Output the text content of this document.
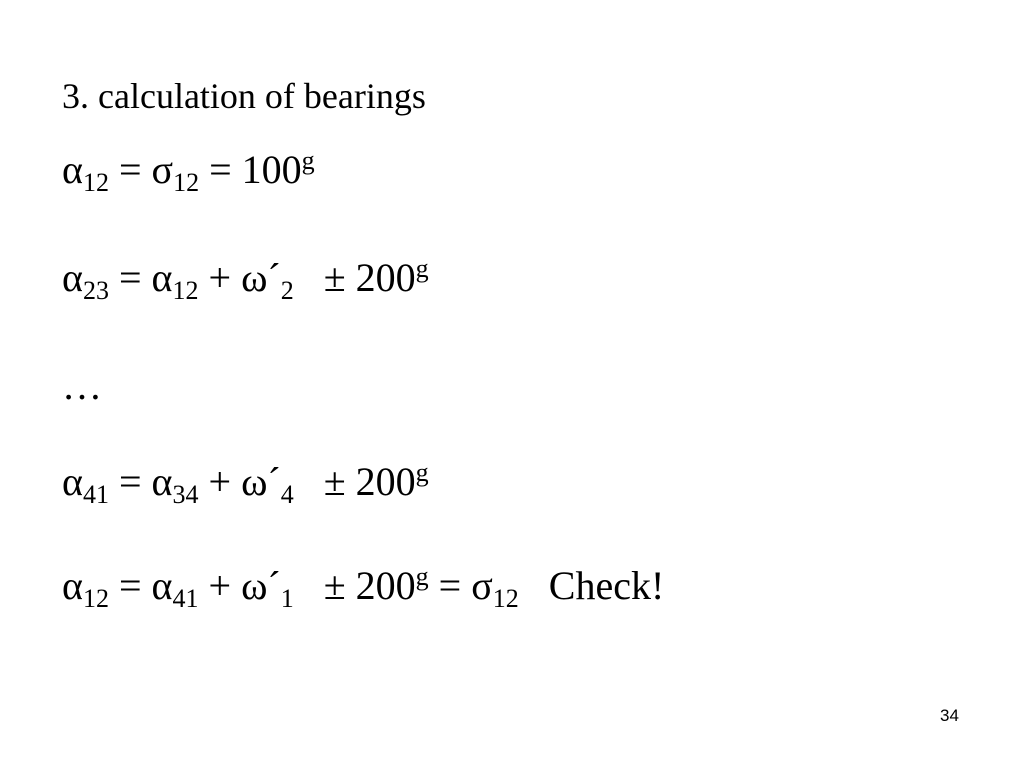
3. calculation of bearings
$\alpha_{12} = \sigma_{12} = 100^g$
$\alpha_{23} = \alpha_{12}$ + $\omega´_2 \pm 200^g$
…
$\alpha_{41} = \alpha_{34}$ + $\omega´_4 \pm 200^g$
$\alpha_{12} = \alpha_{41}$ + $\omega´_1 \pm 200^g = \sigma_{12}$ Check!
34
